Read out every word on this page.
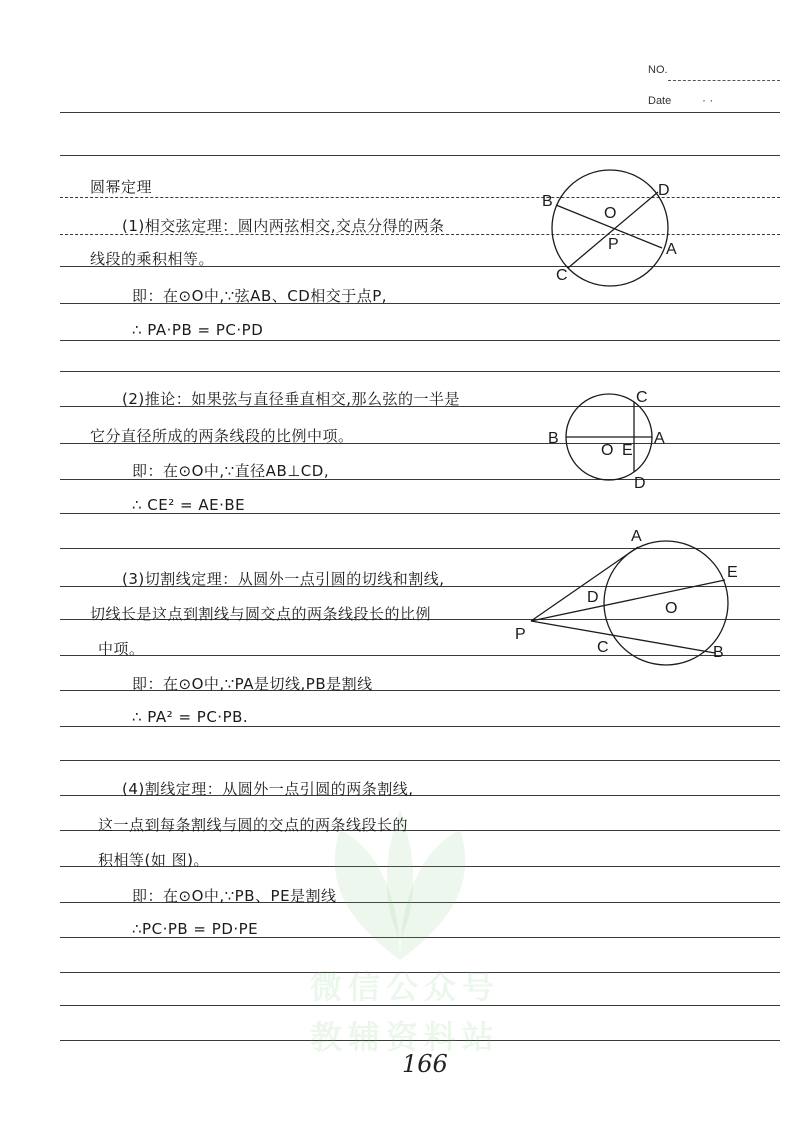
NO.
Date	· ·
微信公众号
教辅资料站
圆幂定理
(1)相交弦定理：圆内两弦相交,交点分得的两条
线段的乘积相等。
即：在⊙O中,∵弦AB、CD相交于点P,
∴ PA·PB = PC·PD
(2)推论：如果弦与直径垂直相交,那么弦的一半是
它分直径所成的两条线段的比例中项。
即：在⊙O中,∵直径AB⊥CD,
∴ CE² = AE·BE
(3)切割线定理：从圆外一点引圆的切线和割线,
切线长是这点到割线与圆交点的两条线段长的比例
中项。
即：在⊙O中,∵PA是切线,PB是割线
∴ PA² = PC·PB.
(4)割线定理：从圆外一点引圆的两条割线,
这一点到每条割线与圆的交点的两条线段长的
积相等(如 图)。
即：在⊙O中,∵PB、PE是割线
∴PC·PB = PD·PE
B
D
O
P	A
C
B
C
O E
A
D
A
E
D
O
P
C	B
166
